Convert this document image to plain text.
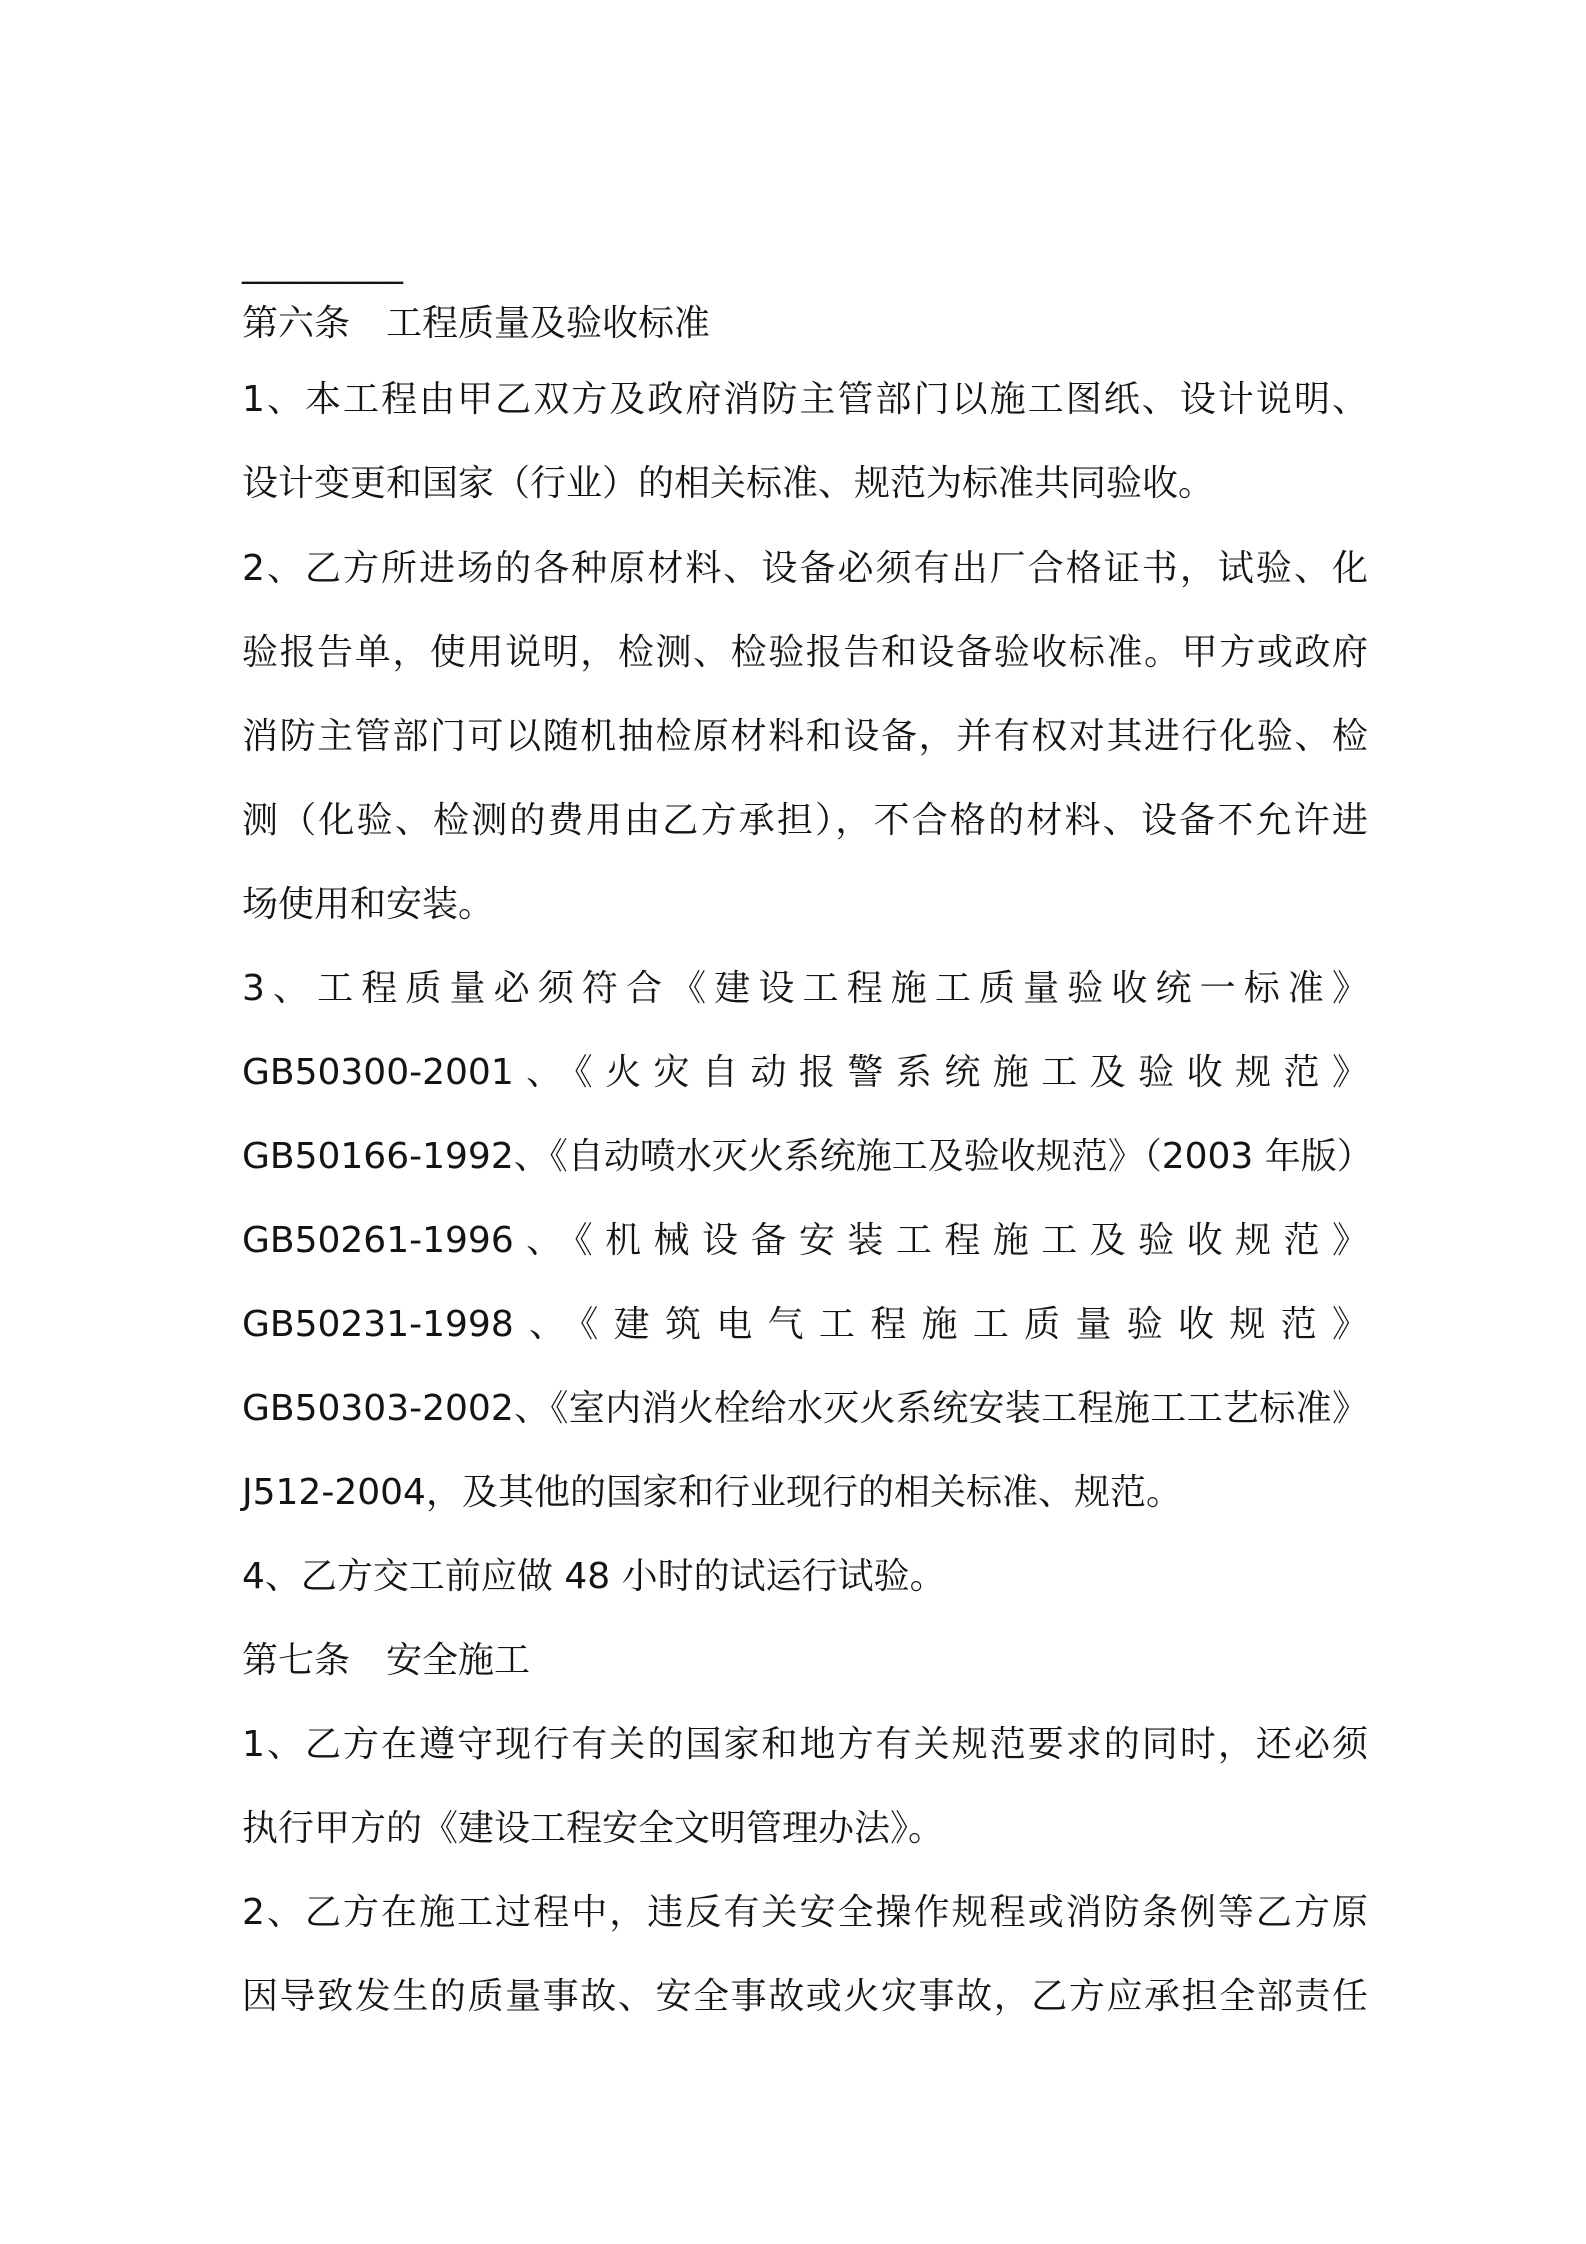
__________
第六条　工程质量及验收标准
1、本工程由甲乙双方及政府消防主管部门以施工图纸、设计说明、
设计变更和国家（行业）的相关标准、规范为标准共同验收。
2、乙方所进场的各种原材料、设备必须有出厂合格证书，试验、化
验报告单，使用说明，检测、检验报告和设备验收标准。甲方或政府
消防主管部门可以随机抽检原材料和设备，并有权对其进行化验、检
测（化验、检测的费用由乙方承担），不合格的材料、设备不允许进
场使用和安装。
3、工程质量必须符合《建设工程施工质量验收统一标准》
GB50300-2001、《火灾自动报警系统施工及验收规范》
GB50166-1992、《自动喷水灭火系统施工及验收规范》（2003 年版）
GB50261-1996、《机械设备安装工程施工及验收规范》
GB50231-1998、《建筑电气工程施工质量验收规范》
GB50303-2002、《室内消火栓给水灭火系统安装工程施工工艺标准》
J512-2004，及其他的国家和行业现行的相关标准、规范。
4、乙方交工前应做 48 小时的试运行试验。
第七条　安全施工
1、乙方在遵守现行有关的国家和地方有关规范要求的同时，还必须
执行甲方的《建设工程安全文明管理办法》。
2、乙方在施工过程中，违反有关安全操作规程或消防条例等乙方原
因导致发生的质量事故、安全事故或火灾事故，乙方应承担全部责任
